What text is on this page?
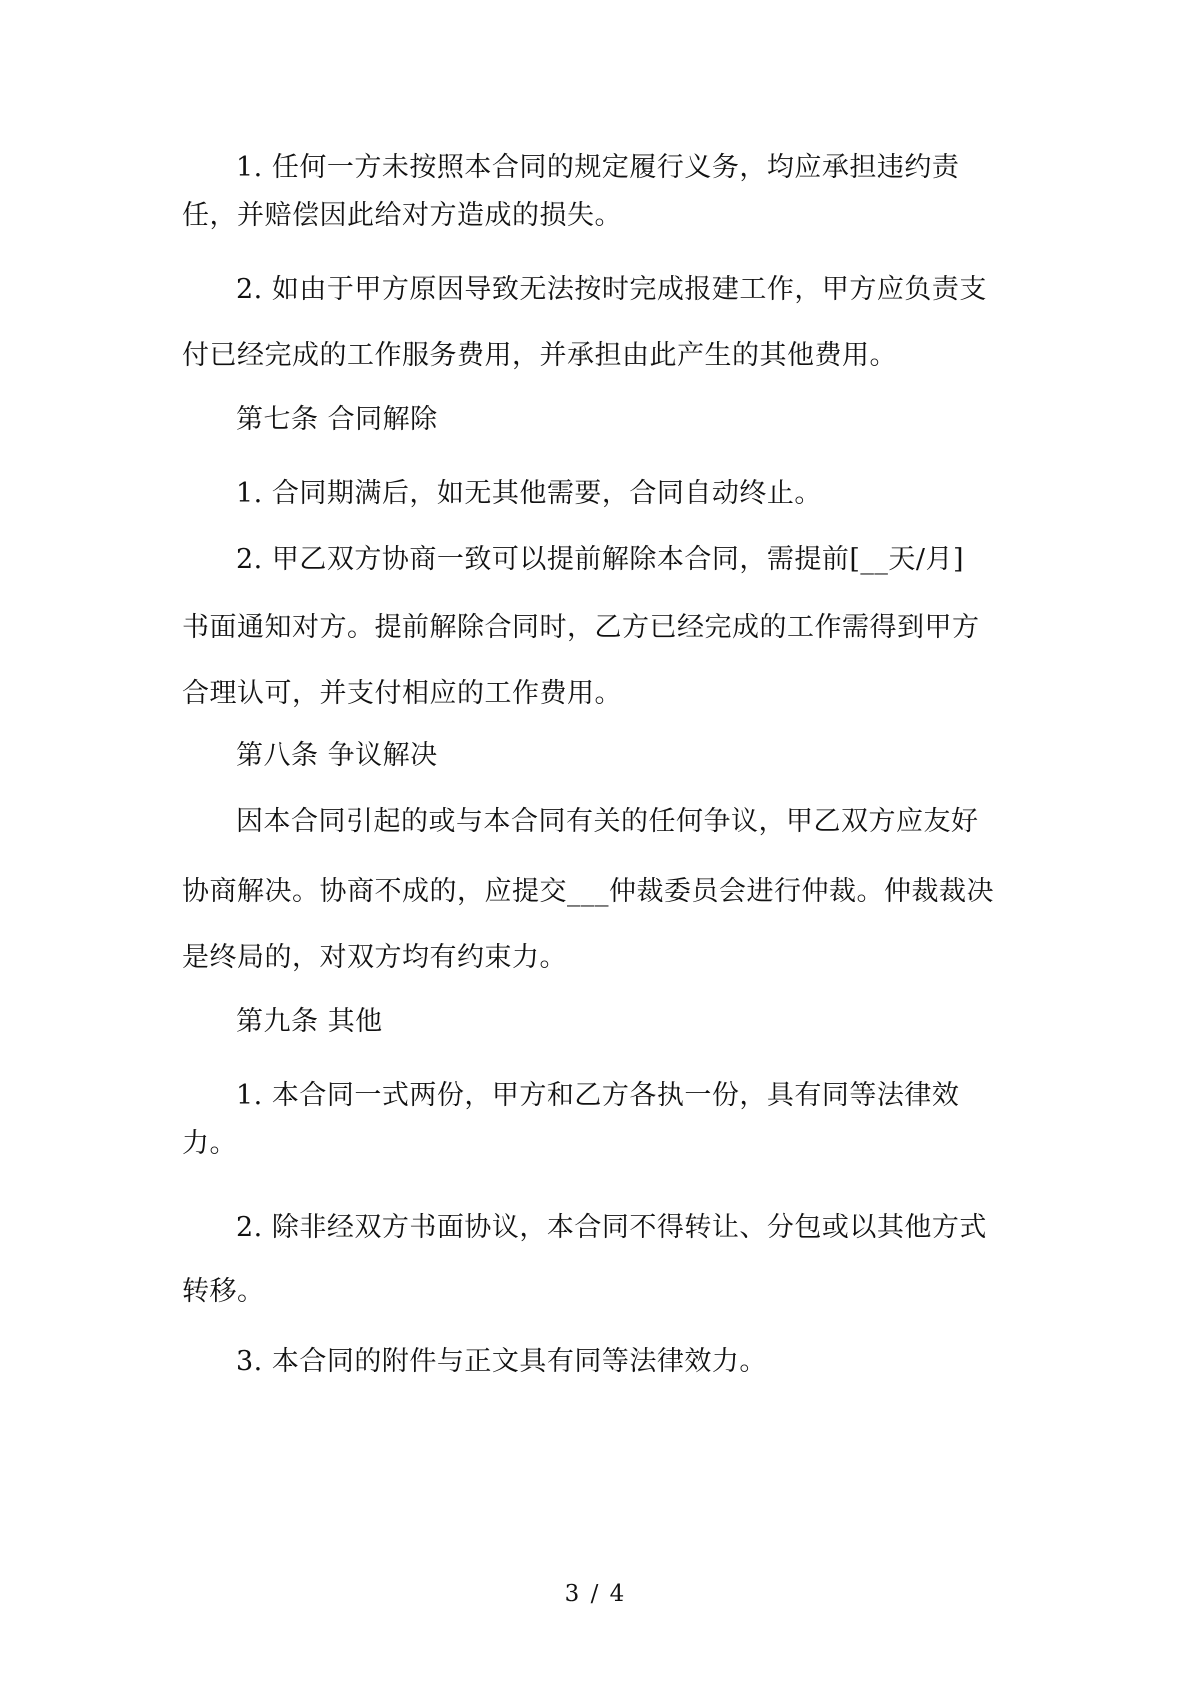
1. 任何一方未按照本合同的规定履行义务，均应承担违约责
任，并赔偿因此给对方造成的损失。
2. 如由于甲方原因导致无法按时完成报建工作，甲方应负责支
付已经完成的工作服务费用，并承担由此产生的其他费用。
第七条 合同解除
1. 合同期满后，如无其他需要，合同自动终止。
2. 甲乙双方协商一致可以提前解除本合同，需提前[__天/月]
书面通知对方。提前解除合同时，乙方已经完成的工作需得到甲方
合理认可，并支付相应的工作费用。
第八条 争议解决
因本合同引起的或与本合同有关的任何争议，甲乙双方应友好
协商解决。协商不成的，应提交___仲裁委员会进行仲裁。仲裁裁决
是终局的，对双方均有约束力。
第九条 其他
1. 本合同一式两份，甲方和乙方各执一份，具有同等法律效
力。
2. 除非经双方书面协议，本合同不得转让、分包或以其他方式
转移。
3. 本合同的附件与正文具有同等法律效力。
3 / 4
